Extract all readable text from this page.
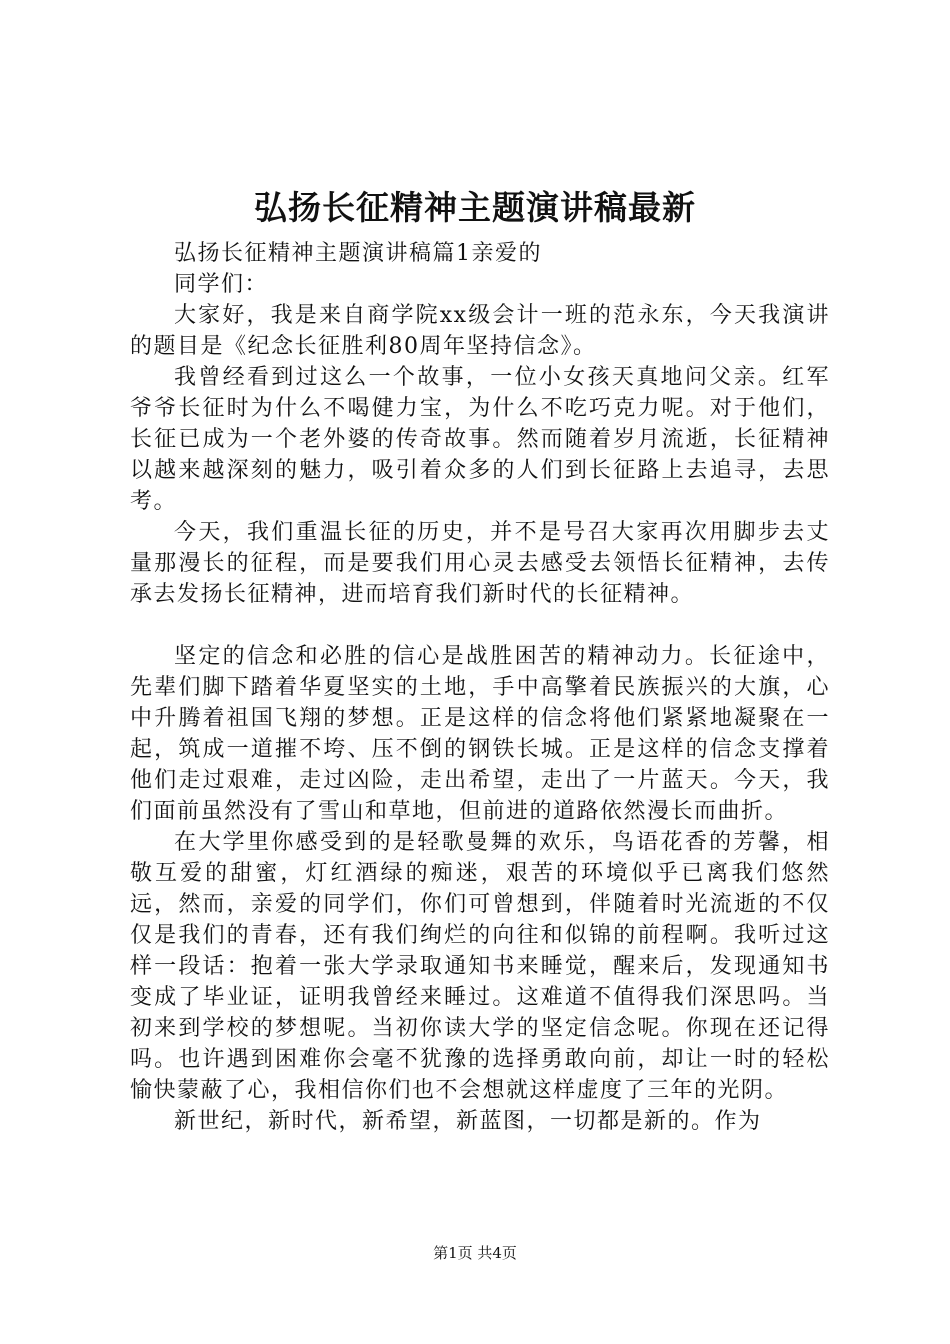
弘扬长征精神主题演讲稿最新

弘扬长征精神主题演讲稿篇1亲爱的

同学们：

大家好，我是来自商学院xx级会计一班的范永东，今天我演讲的题目是《纪念长征胜利80周年坚持信念》。

我曾经看到过这么一个故事，一位小女孩天真地问父亲。红军爷爷长征时为什么不喝健力宝，为什么不吃巧克力呢。对于他们，长征已成为一个老外婆的传奇故事。然而随着岁月流逝，长征精神以越来越深刻的魅力，吸引着众多的人们到长征路上去追寻，去思考。

今天，我们重温长征的历史，并不是号召大家再次用脚步去丈量那漫长的征程，而是要我们用心灵去感受去领悟长征精神，去传承去发扬长征精神，进而培育我们新时代的长征精神。

坚定的信念和必胜的信心是战胜困苦的精神动力。长征途中，先辈们脚下踏着华夏坚实的土地，手中高擎着民族振兴的大旗，心中升腾着祖国飞翔的梦想。正是这样的信念将他们紧紧地凝聚在一起，筑成一道摧不垮、压不倒的钢铁长城。正是这样的信念支撑着他们走过艰难，走过凶险，走出希望，走出了一片蓝天。今天，我们面前虽然没有了雪山和草地，但前进的道路依然漫长而曲折。

在大学里你感受到的是轻歌曼舞的欢乐，鸟语花香的芳馨，相敬互爱的甜蜜，灯红酒绿的痴迷，艰苦的环境似乎已离我们悠然远，然而，亲爱的同学们，你们可曾想到，伴随着时光流逝的不仅仅是我们的青春，还有我们绚烂的向往和似锦的前程啊。我听过这样一段话：抱着一张大学录取通知书来睡觉，醒来后，发现通知书变成了毕业证，证明我曾经来睡过。这难道不值得我们深思吗。当初来到学校的梦想呢。当初你读大学的坚定信念呢。你现在还记得吗。也许遇到困难你会毫不犹豫的选择勇敢向前，却让一时的轻松愉快蒙蔽了心，我相信你们也不会想就这样虚度了三年的光阴。

新世纪，新时代，新希望，新蓝图，一切都是新的。作为

第1页 共4页
